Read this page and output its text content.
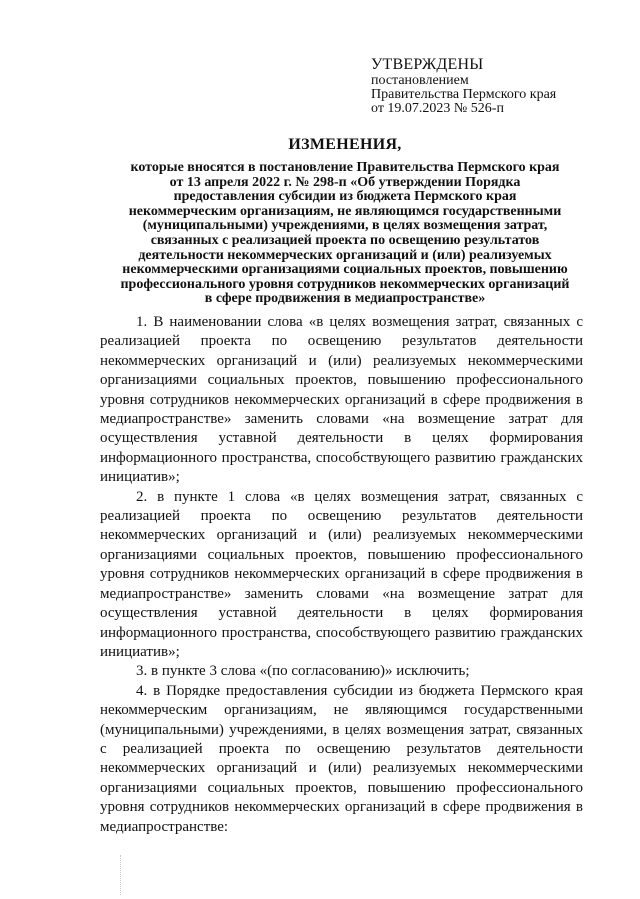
УТВЕРЖДЕНЫ
постановлением
Правительства Пермского края
от 19.07.2023 № 526-п
ИЗМЕНЕНИЯ,
которые вносятся в постановление Правительства Пермского края
от 13 апреля 2022 г. № 298-п «Об утверждении Порядка
предоставления субсидии из бюджета Пермского края
некоммерческим организациям, не являющимся государственными
(муниципальными) учреждениями, в целях возмещения затрат,
связанных с реализацией проекта по освещению результатов
деятельности некоммерческих организаций и (или) реализуемых
некоммерческими организациями социальных проектов, повышению
профессионального уровня сотрудников некоммерческих организаций
в сфере продвижения в медиапространстве»

1. В наименовании слова «в целях возмещения затрат, связанных с реализацией проекта по освещению результатов деятельности некоммерческих организаций и (или) реализуемых некоммерческими организациями социальных проектов, повышению профессионального уровня сотрудников некоммерческих организаций в сфере продвижения в медиапространстве» заменить словами «на возмещение затрат для осуществления уставной деятельности в целях формирования информационного пространства, способствующего развитию гражданских инициатив»;

2. в пункте 1 слова «в целях возмещения затрат, связанных с реализацией проекта по освещению результатов деятельности некоммерческих организаций и (или) реализуемых некоммерческими организациями социальных проектов, повышению профессионального уровня сотрудников некоммерческих организаций в сфере продвижения в медиапространстве» заменить словами «на возмещение затрат для осуществления уставной деятельности в целях формирования информационного пространства, способствующего развитию гражданских инициатив»;

3. в пункте 3 слова «(по согласованию)» исключить;

4. в Порядке предоставления субсидии из бюджета Пермского края некоммерческим организациям, не являющимся государственными (муниципальными) учреждениями, в целях возмещения затрат, связанных с реализацией проекта по освещению результатов деятельности некоммерческих организаций и (или) реализуемых некоммерческими организациями социальных проектов, повышению профессионального уровня сотрудников некоммерческих организаций в сфере продвижения в медиапространстве:
